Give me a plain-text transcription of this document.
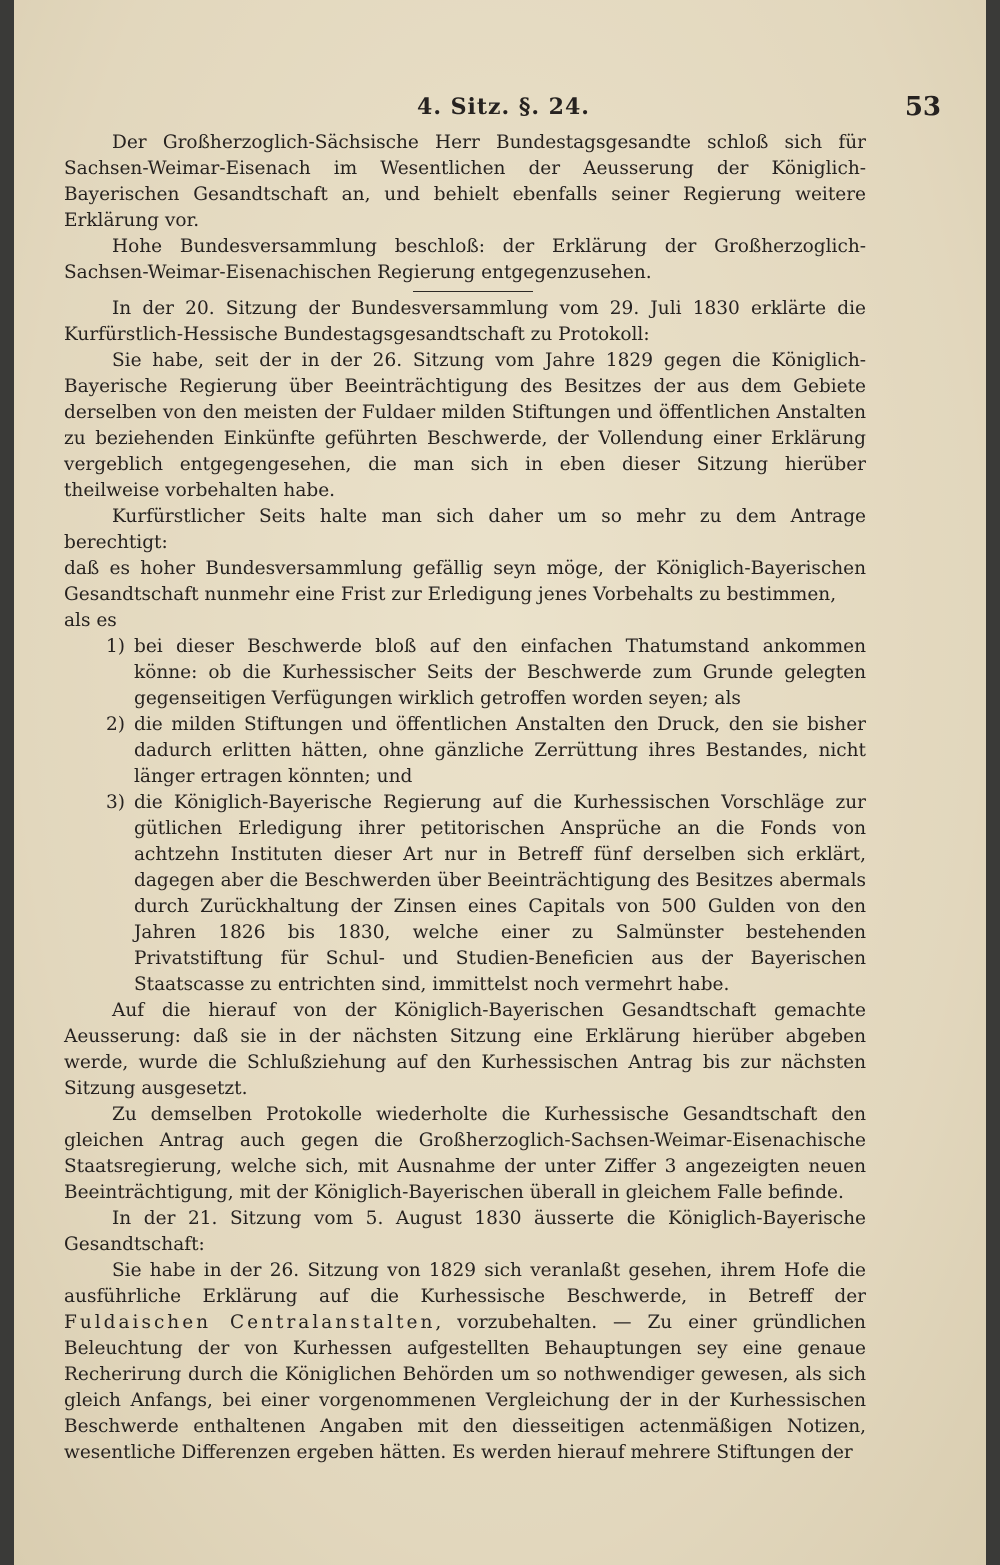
4. Sitz. §. 24.	53

Der Großherzoglich-Sächsische Herr Bundestagsgesandte schloß sich für Sachsen-Weimar-Eisenach im Wesentlichen der Aeusserung der Königlich-Bayerischen Gesandtschaft an, und behielt ebenfalls seiner Regierung weitere Erklärung vor.

Hohe Bundesversammlung beschloß: der Erklärung der Großherzoglich-Sachsen-Weimar-Eisenachischen Regierung entgegenzusehen.

In der 20. Sitzung der Bundesversammlung vom 29. Juli 1830 erklärte die Kurfürstlich-Hessische Bundestagsgesandtschaft zu Protokoll:

Sie habe, seit der in der 26. Sitzung vom Jahre 1829 gegen die Königlich-Bayerische Regierung über Beeinträchtigung des Besitzes der aus dem Gebiete derselben von den meisten der Fuldaer milden Stiftungen und öffentlichen Anstalten zu beziehenden Einkünfte geführten Beschwerde, der Vollendung einer Erklärung vergeblich entgegengesehen, die man sich in eben dieser Sitzung hierüber theilweise vorbehalten habe.

Kurfürstlicher Seits halte man sich daher um so mehr zu dem Antrage berechtigt:

daß es hoher Bundesversammlung gefällig seyn möge, der Königlich-Bayerischen Gesandtschaft nunmehr eine Frist zur Erledigung jenes Vorbehalts zu bestimmen,

als es

1) bei dieser Beschwerde bloß auf den einfachen Thatumstand ankommen könne: ob die Kurhessischer Seits der Beschwerde zum Grunde gelegten gegenseitigen Verfügungen wirklich getroffen worden seyen; als
2) die milden Stiftungen und öffentlichen Anstalten den Druck, den sie bisher dadurch erlitten hätten, ohne gänzliche Zerrüttung ihres Bestandes, nicht länger ertragen könnten; und
3) die Königlich-Bayerische Regierung auf die Kurhessischen Vorschläge zur gütlichen Erledigung ihrer petitorischen Ansprüche an die Fonds von achtzehn Instituten dieser Art nur in Betreff fünf derselben sich erklärt, dagegen aber die Beschwerden über Beeinträchtigung des Besitzes abermals durch Zurückhaltung der Zinsen eines Capitals von 500 Gulden von den Jahren 1826 bis 1830, welche einer zu Salmünster bestehenden Privatstiftung für Schul- und Studien-Beneficien aus der Bayerischen Staatscasse zu entrichten sind, immittelst noch vermehrt habe.

Auf die hierauf von der Königlich-Bayerischen Gesandtschaft gemachte Aeusserung: daß sie in der nächsten Sitzung eine Erklärung hierüber abgeben werde, wurde die Schlußziehung auf den Kurhessischen Antrag bis zur nächsten Sitzung ausgesetzt.

Zu demselben Protokolle wiederholte die Kurhessische Gesandtschaft den gleichen Antrag auch gegen die Großherzoglich-Sachsen-Weimar-Eisenachische Staatsregierung, welche sich, mit Ausnahme der unter Ziffer 3 angezeigten neuen Beeinträchtigung, mit der Königlich-Bayerischen überall in gleichem Falle befinde.

In der 21. Sitzung vom 5. August 1830 äusserte die Königlich-Bayerische Gesandtschaft:

Sie habe in der 26. Sitzung von 1829 sich veranlaßt gesehen, ihrem Hofe die ausführliche Erklärung auf die Kurhessische Beschwerde, in Betreff der Fuldaischen Centralanstalten, vorzubehalten. — Zu einer gründlichen Beleuchtung der von Kurhessen aufgestellten Behauptungen sey eine genaue Recherirung durch die Königlichen Behörden um so nothwendiger gewesen, als sich gleich Anfangs, bei einer vorgenommenen Vergleichung der in der Kurhessischen Beschwerde enthaltenen Angaben mit den diesseitigen actenmäßigen Notizen, wesentliche Differenzen ergeben hätten. Es werden hierauf mehrere Stiftungen der
